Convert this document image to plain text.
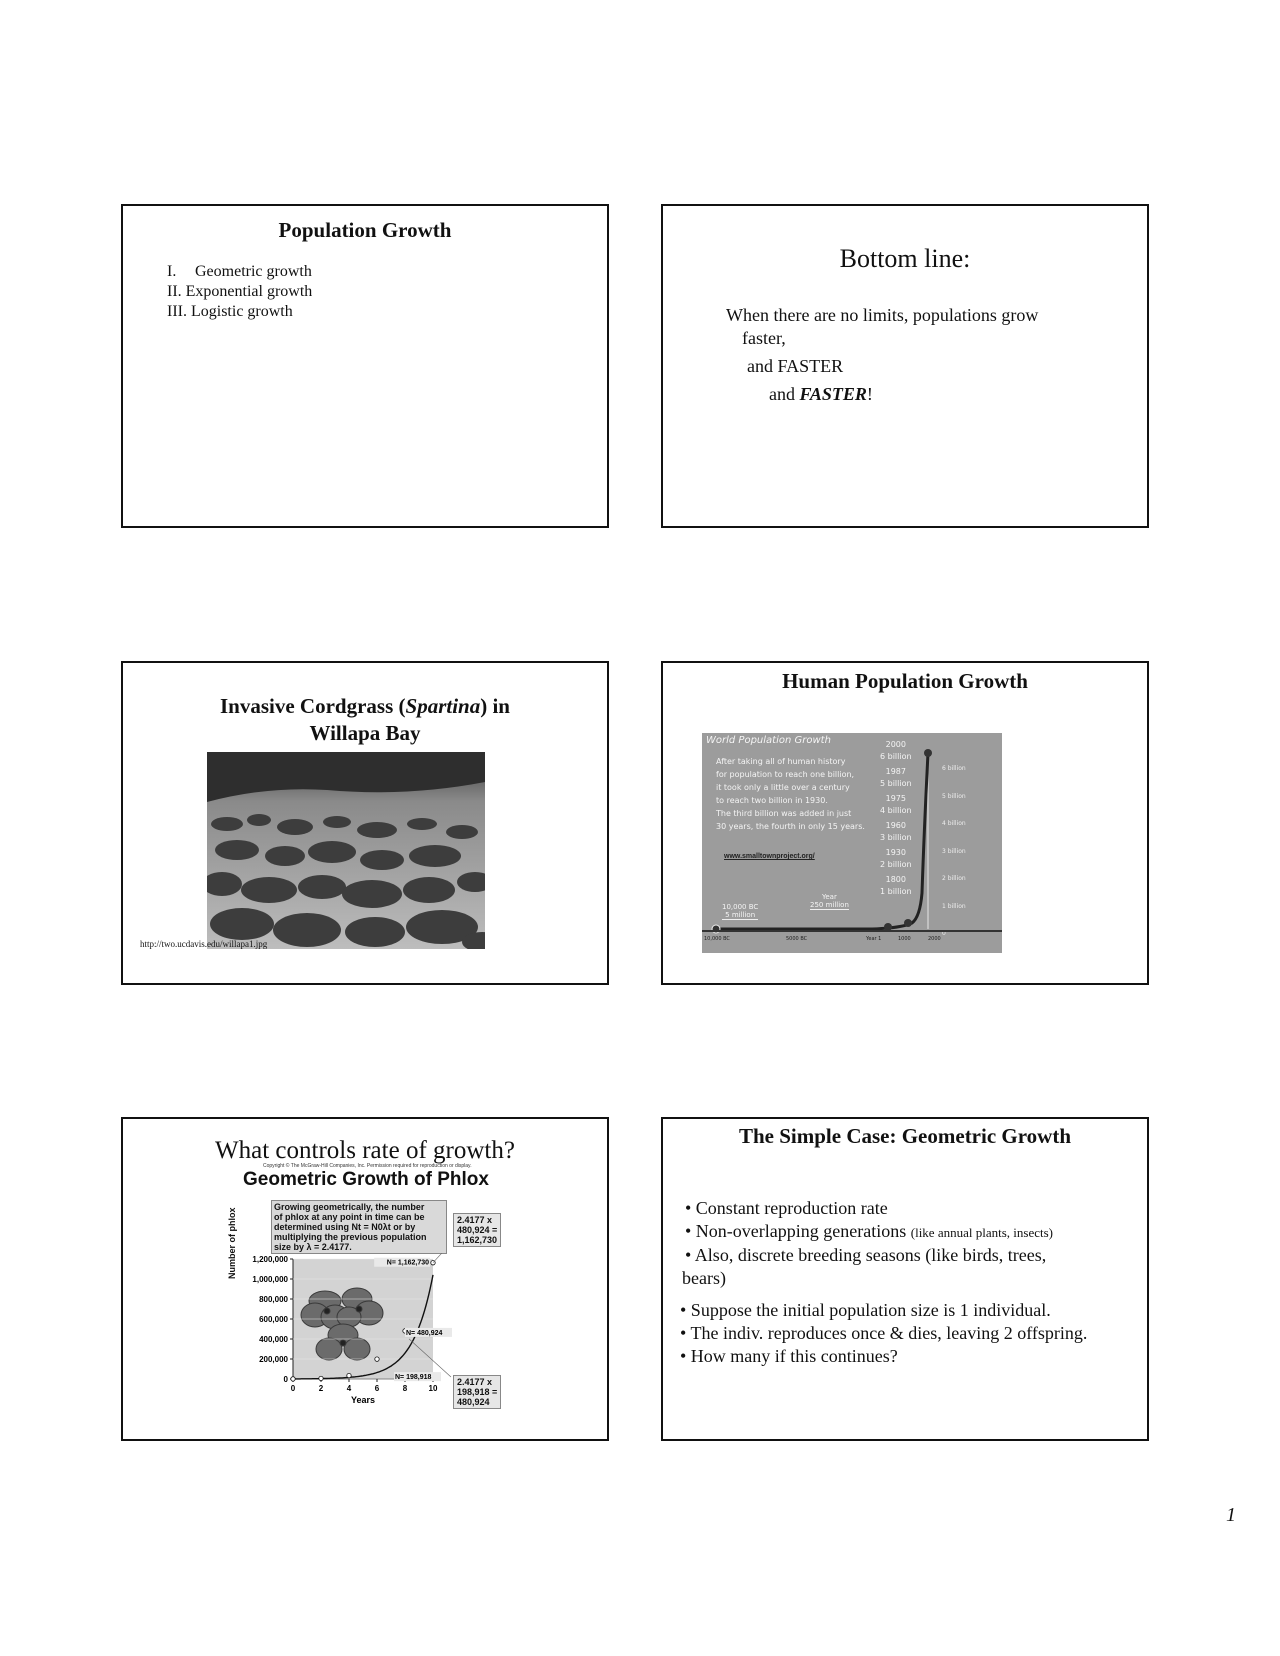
Population Growth
I. Geometric growth
II. Exponential growth
III. Logistic growth
Bottom line:
When there are no limits, populations grow
faster,
and FASTER
and FASTER!
Invasive Cordgrass (Spartina) in
Willapa Bay
http://two.ucdavis.edu/willapa1.jpg
Human Population Growth
World Population Growth
After taking all of human history
for population to reach one billion,
it took only a little over a century
to reach two billion in 1930.
The third billion was added in just
30 years, the fourth in only 15 years.
www.smalltownproject.org/
2000
6 billion
1987
5 billion
1975
4 billion
1960
3 billion
1930
2 billion
1800
1 billion
6 billion
5 billion
4 billion
3 billion
2 billion
1 billion
0
10,000 BC
5 million
Year
250 million
10,000 BC	5000 BC	Year 1	1000	2000
What controls rate of growth?
Copyright © The McGraw-Hill Companies, Inc. Permission required for reproduction or display.
Geometric Growth of Phlox
Growing geometrically, the number
of phlox at any point in time can be
determined using Nt = N0λt or by
multiplying the previous population
size by λ = 2.4177.
2.4177 x
480,924 =
1,162,730
2.4177 x
198,918 =
480,924
0
200,000
400,000
600,000
800,000
1,000,000
1,200,000
0	2	4	6	8	10
Years
N= 1,162,730
N= 480,924
N= 198,918
Number of phlox
The Simple Case: Geometric Growth
• Constant reproduction rate
• Non-overlapping generations (like annual plants, insects)
• Also, discrete breeding seasons (like birds, trees,
bears)
• Suppose the initial population size is 1 individual.
• The indiv. reproduces once & dies, leaving 2 offspring.
• How many if this continues?
1
